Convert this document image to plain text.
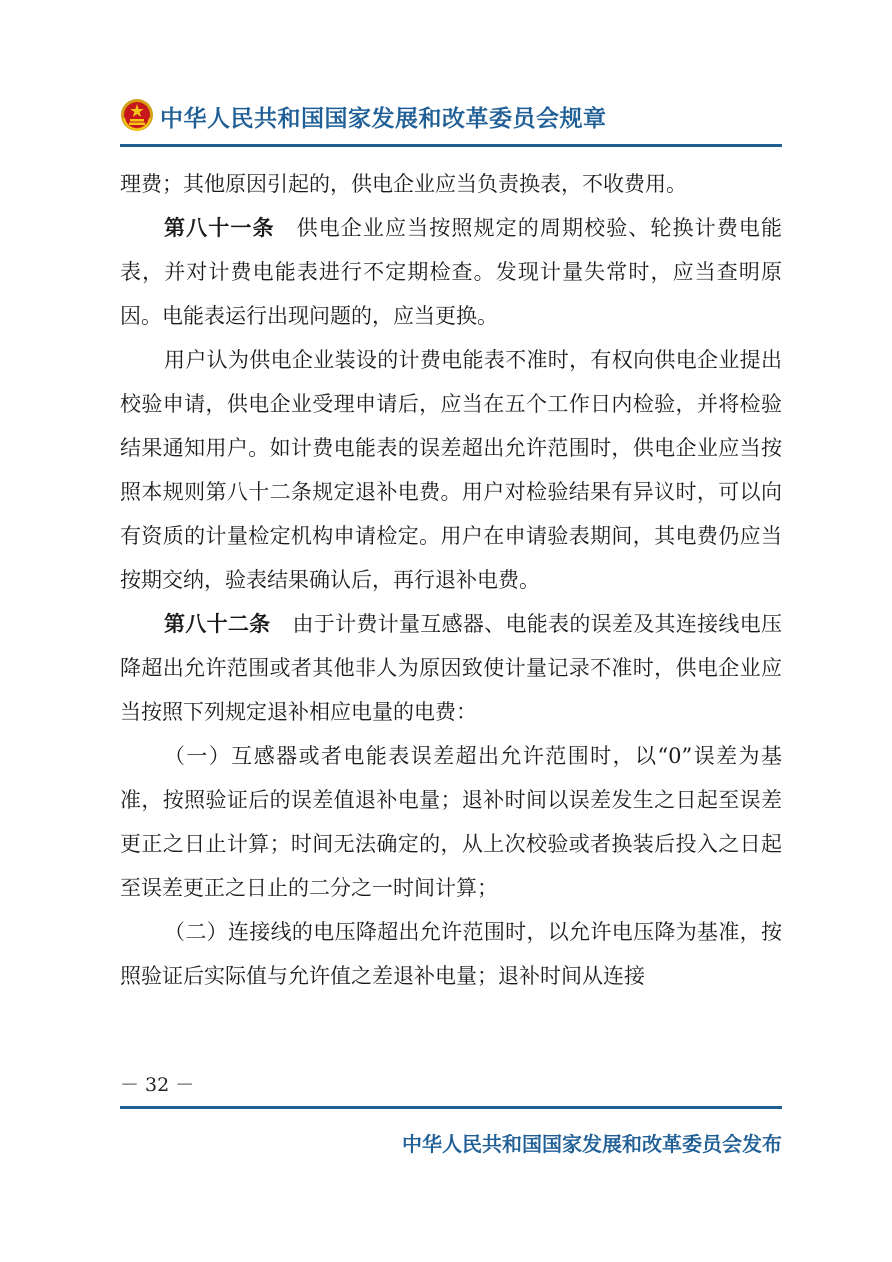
中华人民共和国国家发展和改革委员会规章

理费；其他原因引起的，供电企业应当负责换表，不收费用。

第八十一条 供电企业应当按照规定的周期校验、轮换计费电能表，并对计费电能表进行不定期检查。发现计量失常时，应当查明原因。电能表运行出现问题的，应当更换。

用户认为供电企业装设的计费电能表不准时，有权向供电企业提出校验申请，供电企业受理申请后，应当在五个工作日内检验，并将检验结果通知用户。如计费电能表的误差超出允许范围时，供电企业应当按照本规则第八十二条规定退补电费。用户对检验结果有异议时，可以向有资质的计量检定机构申请检定。用户在申请验表期间，其电费仍应当按期交纳，验表结果确认后，再行退补电费。

第八十二条 由于计费计量互感器、电能表的误差及其连接线电压降超出允许范围或者其他非人为原因致使计量记录不准时，供电企业应当按照下列规定退补相应电量的电费：

（一）互感器或者电能表误差超出允许范围时，以“0”误差为基准，按照验证后的误差值退补电量；退补时间以误差发生之日起至误差更正之日止计算；时间无法确定的，从上次校验或者换装后投入之日起至误差更正之日止的二分之一时间计算；

（二）连接线的电压降超出允许范围时，以允许电压降为基准，按照验证后实际值与允许值之差退补电量；退补时间从连接

－ 32 －
中华人民共和国国家发展和改革委员会发布
